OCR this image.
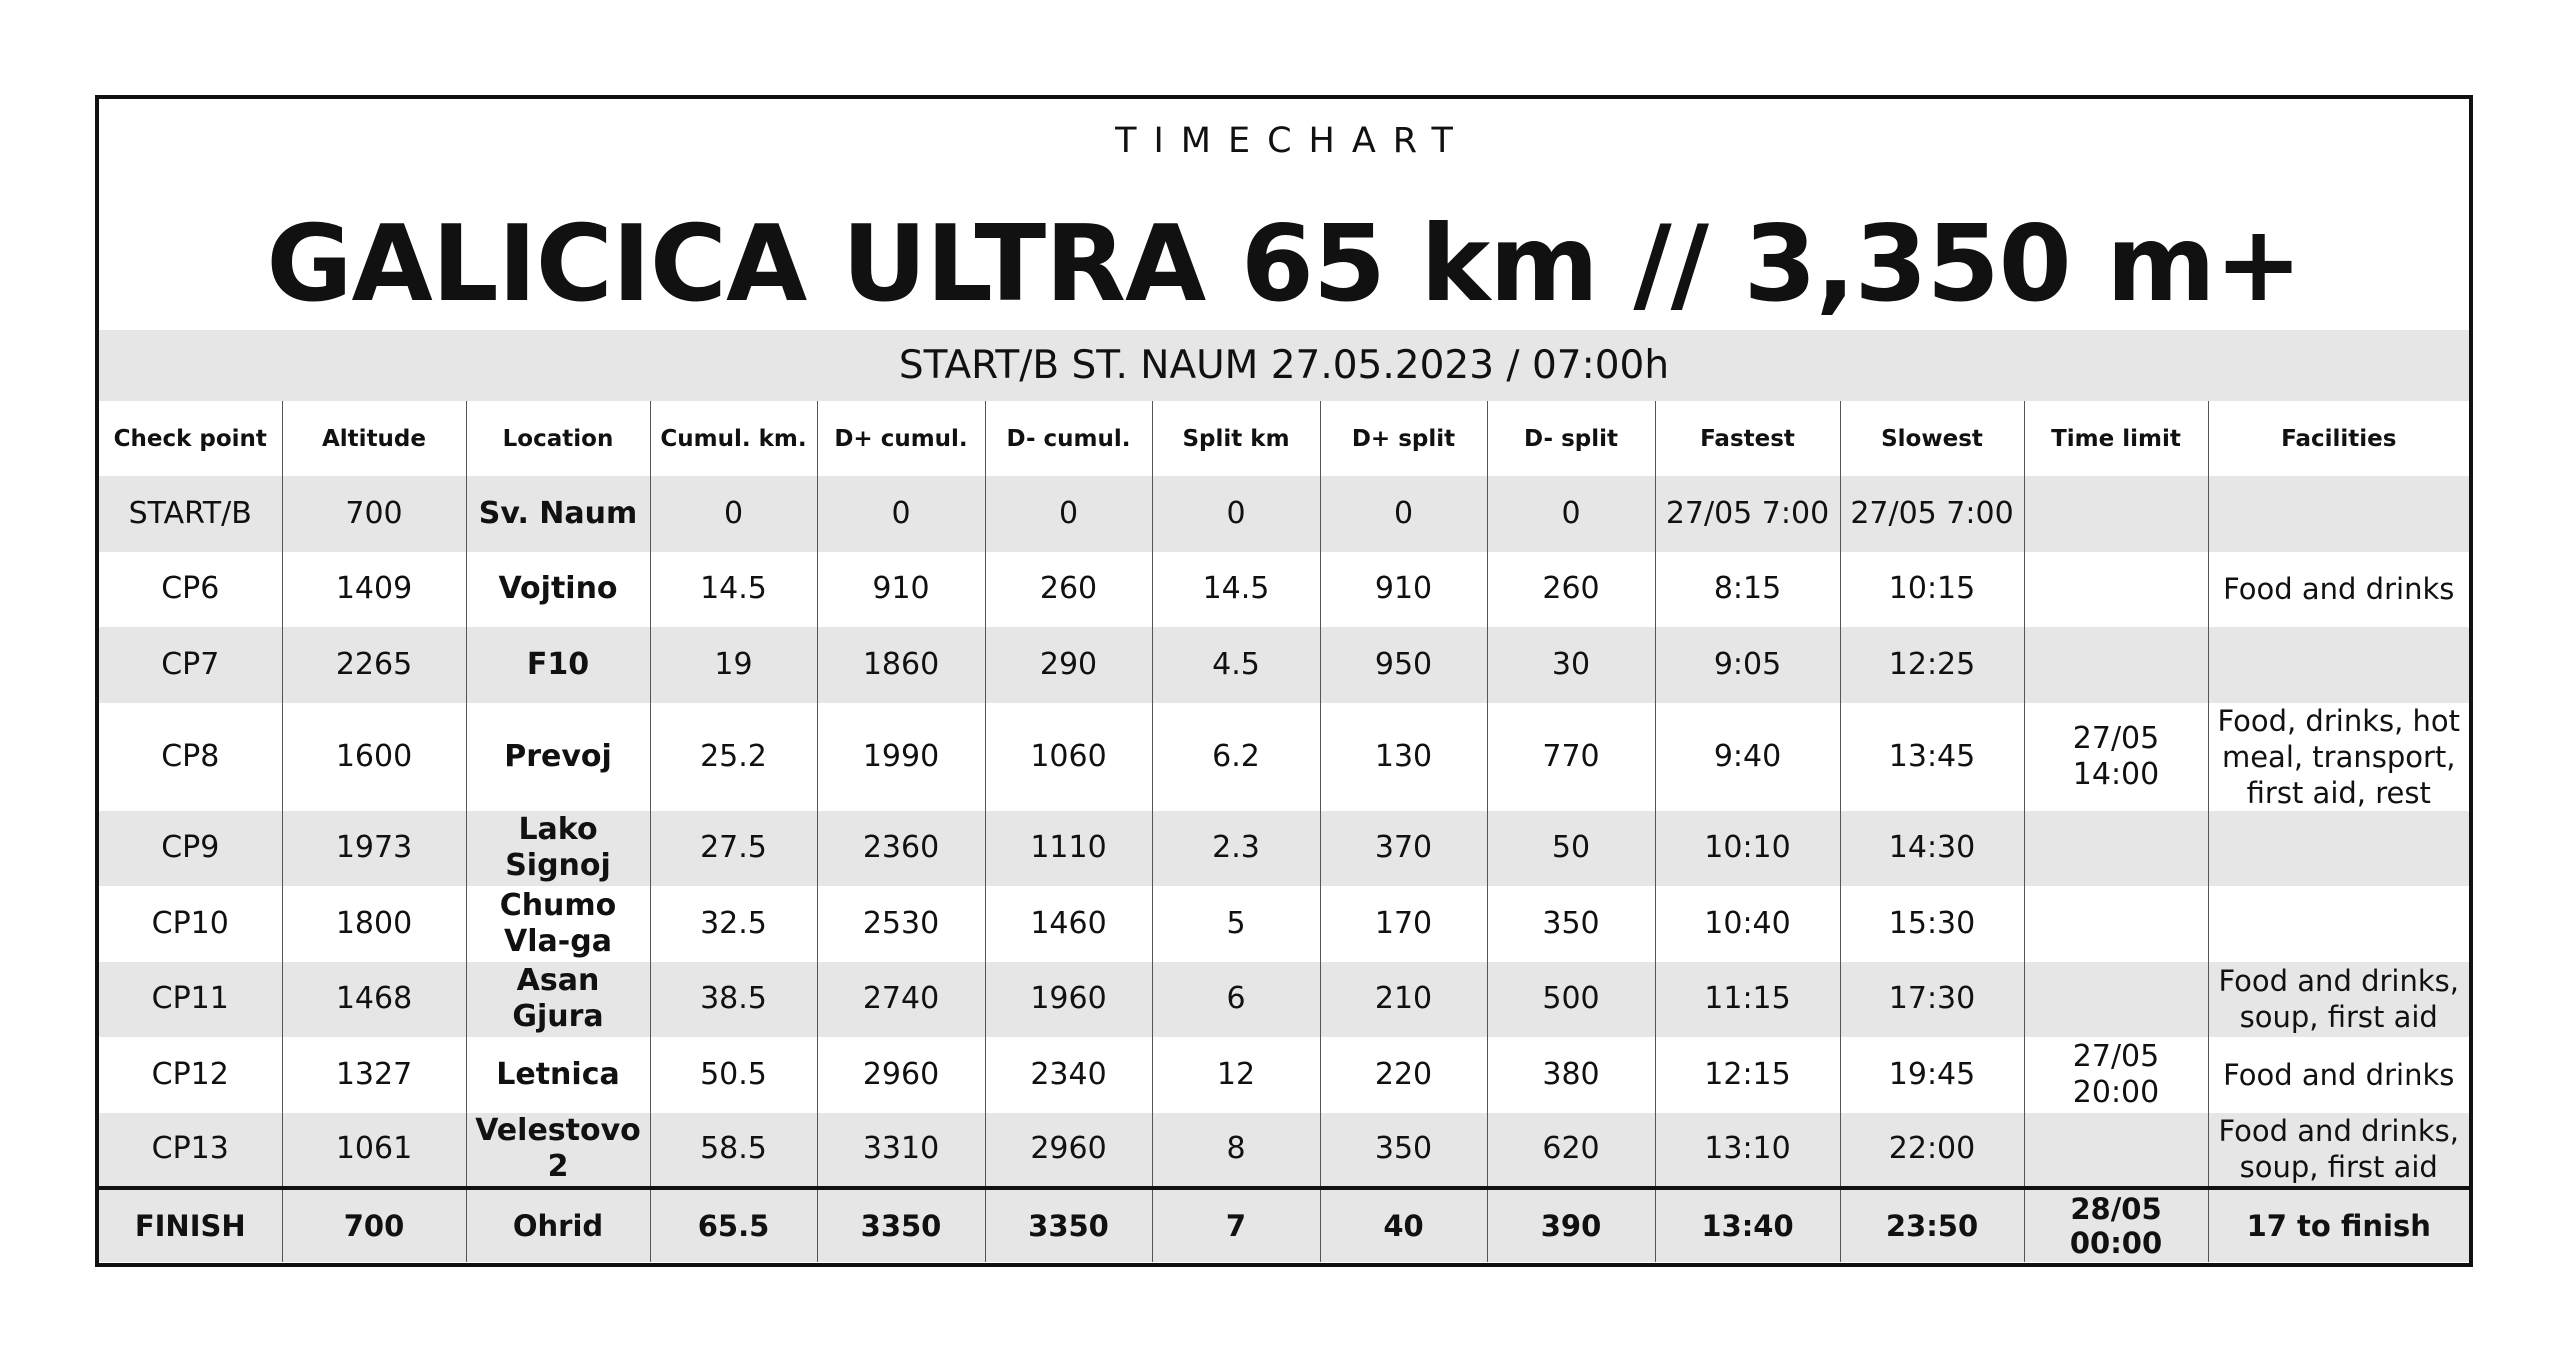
TIMECHART
GALICICA ULTRA 65 km // 3,350 m+
START/B ST. NAUM 27.05.2023 / 07:00h
Check point	Altitude	Location	Cumul. km.	D+ cumul.	D- cumul.	Split km	D+ split	D- split	Fastest	Slowest	Time limit	Facilities
START/B	700	Sv. Naum	0	0	0	0	0	0	27/05 7:00	27/05 7:00		
CP6	1409	Vojtino	14.5	910	260	14.5	910	260	8:15	10:15		Food and drinks
CP7	2265	F10	19	1860	290	4.5	950	30	9:05	12:25		
CP8	1600	Prevoj	25.2	1990	1060	6.2	130	770	9:40	13:45	27/05 14:00	Food, drinks, hot meal, transport, first aid, rest
CP9	1973	Lako Signoj	27.5	2360	1110	2.3	370	50	10:10	14:30		
CP10	1800	Chumo Vla-ga	32.5	2530	1460	5	170	350	10:40	15:30		
CP11	1468	Asan Gjura	38.5	2740	1960	6	210	500	11:15	17:30		Food and drinks, soup, first aid
CP12	1327	Letnica	50.5	2960	2340	12	220	380	12:15	19:45	27/05 20:00	Food and drinks
CP13	1061	Velestovo 2	58.5	3310	2960	8	350	620	13:10	22:00		Food and drinks, soup, first aid
FINISH	700	Ohrid	65.5	3350	3350	7	40	390	13:40	23:50	28/05 00:00	17 to finish
